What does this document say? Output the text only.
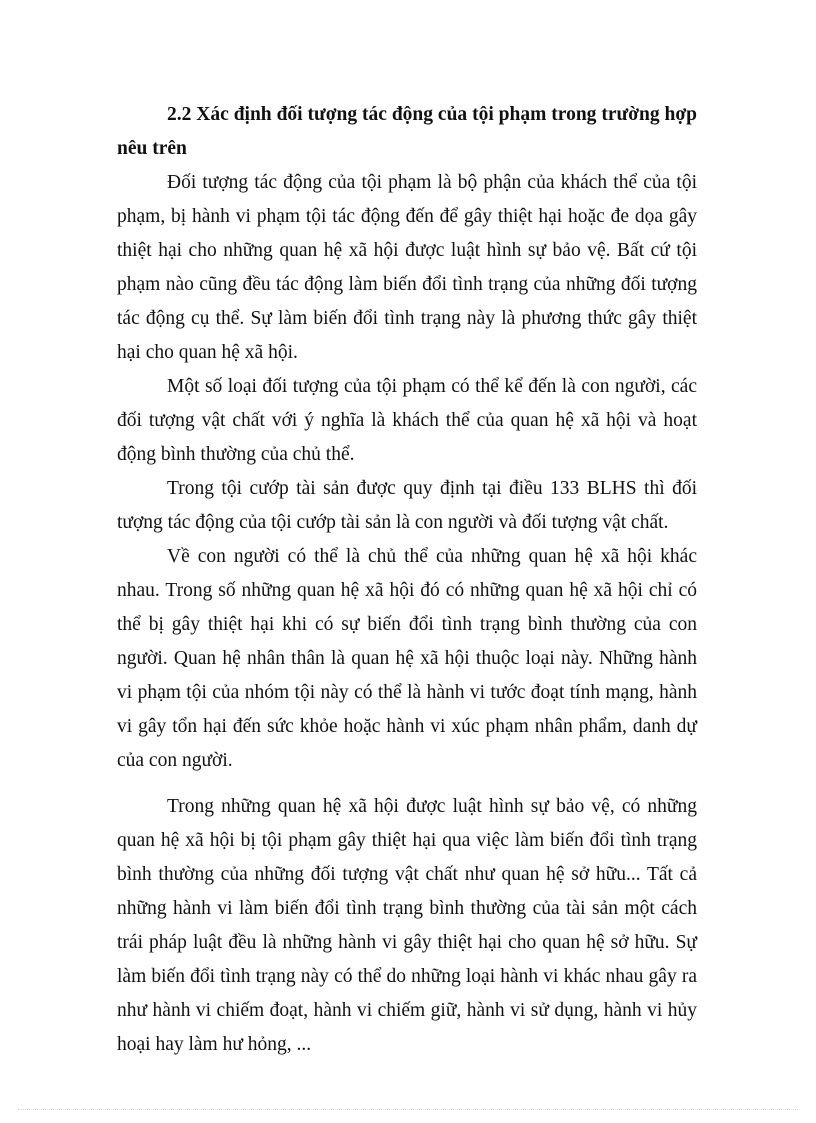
2.2 Xác định đối tượng tác động của tội phạm trong trường hợp nêu trên

Đối tượng tác động của tội phạm là bộ phận của khách thể của tội phạm, bị hành vi phạm tội tác động đến để gây thiệt hại hoặc đe dọa gây thiệt hại cho những quan hệ xã hội được luật hình sự bảo vệ. Bất cứ tội phạm nào cũng đều tác động làm biến đổi tình trạng của những đối tượng tác động cụ thể. Sự làm biến đổi tình trạng này là phương thức gây thiệt hại cho quan hệ xã hội.

Một số loại đối tượng của tội phạm có thể kể đến là con người, các đối tượng vật chất với ý nghĩa là khách thể của quan hệ xã hội và hoạt động bình thường của chủ thể.

Trong tội cướp tài sản được quy định tại điều 133 BLHS thì đối tượng tác động của tội cướp tài sản là con người và đối tượng vật chất.

Về con người có thể là chủ thể của những quan hệ xã hội khác nhau. Trong số những quan hệ xã hội đó có những quan hệ xã hội chỉ có thể bị gây thiệt hại khi có sự biến đổi tình trạng bình thường của con người. Quan hệ nhân thân là quan hệ xã hội thuộc loại này. Những hành vi phạm tội của nhóm tội này có thể là hành vi tước đoạt tính mạng, hành vi gây tổn hại đến sức khỏe hoặc hành vi xúc phạm nhân phẩm, danh dự của con người.

Trong những quan hệ xã hội được luật hình sự bảo vệ, có những quan hệ xã hội bị tội phạm gây thiệt hại qua việc làm biến đổi tình trạng bình thường của những đối tượng vật chất như quan hệ sở hữu... Tất cả những hành vi làm biến đổi tình trạng bình thường của tài sản một cách trái pháp luật đều là những hành vi gây thiệt hại cho quan hệ sở hữu. Sự làm biến đổi tình trạng này có thể do những loại hành vi khác nhau gây ra như hành vi chiếm đoạt, hành vi chiếm giữ, hành vi sử dụng, hành vi hủy hoại hay làm hư hỏng, ...
